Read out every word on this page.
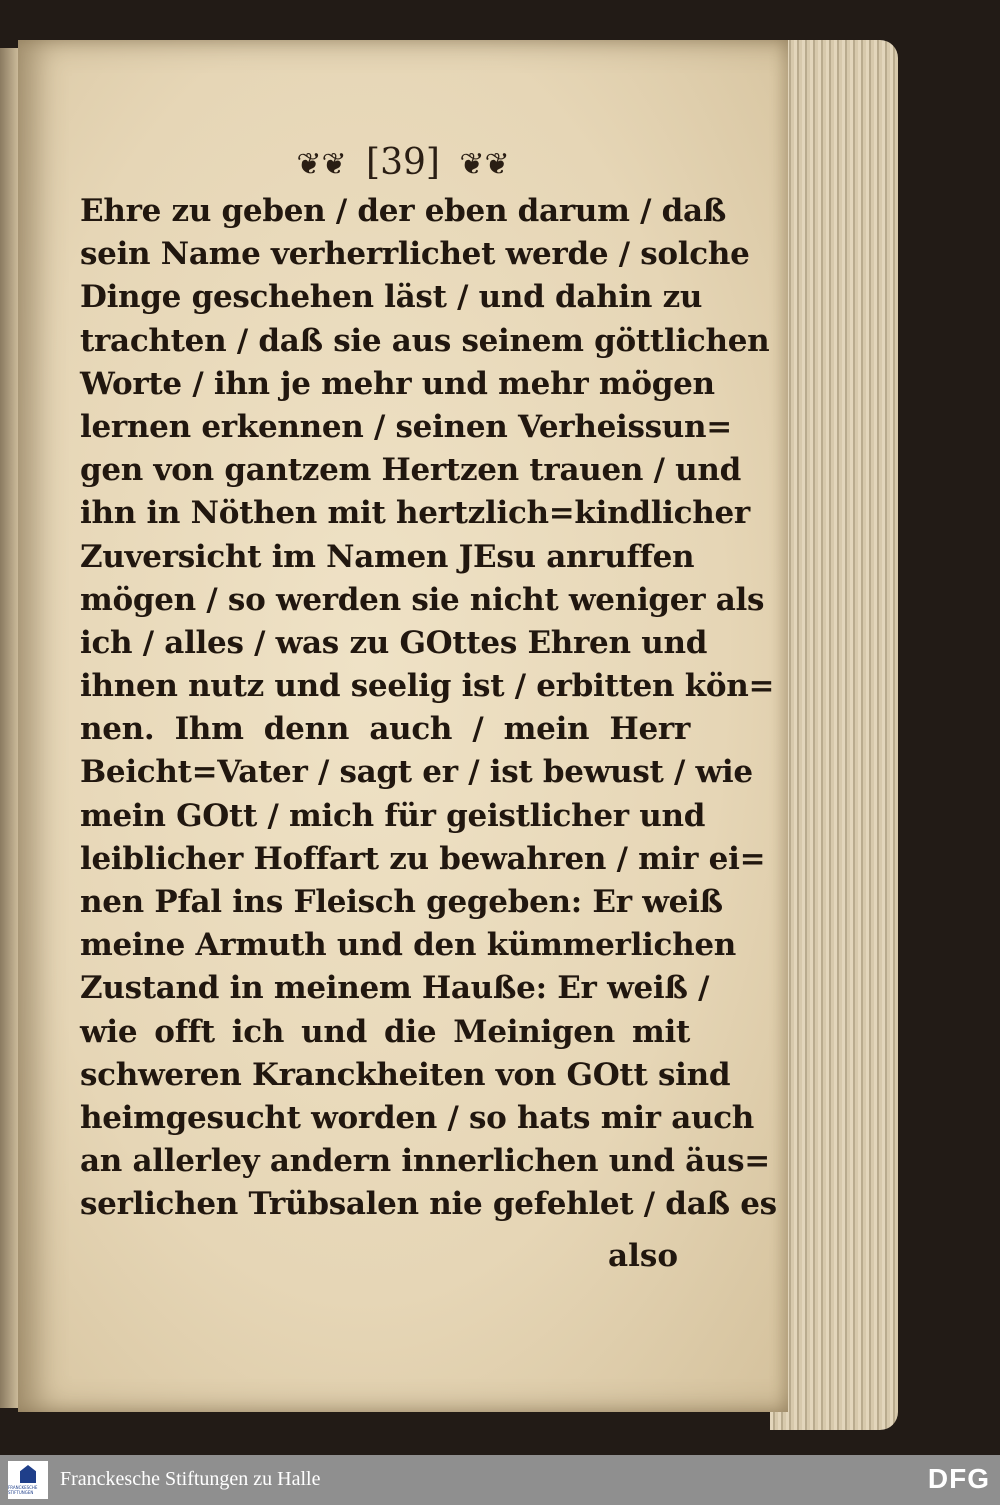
❦❦ [39] ❦❦
Ehre zu geben / der eben darum / daß
sein Name verherrlichet werde / solche
Dinge geschehen läst / und dahin zu
trachten / daß sie aus seinem göttlichen
Worte / ihn je mehr und mehr mögen
lernen erkennen / seinen Verheissun=
gen von gantzem Hertzen trauen / und
ihn in Nöthen mit hertzlich=kindlicher
Zuversicht im Namen JEsu anruffen
mögen / so werden sie nicht weniger als
ich / alles / was zu GOttes Ehren und
ihnen nutz und seelig ist / erbitten kön=
nen. Ihm denn auch / mein Herr
Beicht=Vater / sagt er / ist bewust / wie
mein GOtt / mich für geistlicher und
leiblicher Hoffart zu bewahren / mir ei=
nen Pfal ins Fleisch gegeben: Er weiß
meine Armuth und den kümmerlichen
Zustand in meinem Hauße: Er weiß /
wie offt ich und die Meinigen mit
schweren Kranckheiten von GOtt sind
heimgesucht worden / so hats mir auch
an allerley andern innerlichen und äus=
serlichen Trübsalen nie gefehlet / daß es
also
FRANCKESCHE STIFTUNGEN
Franckesche Stiftungen zu Halle	DFG
